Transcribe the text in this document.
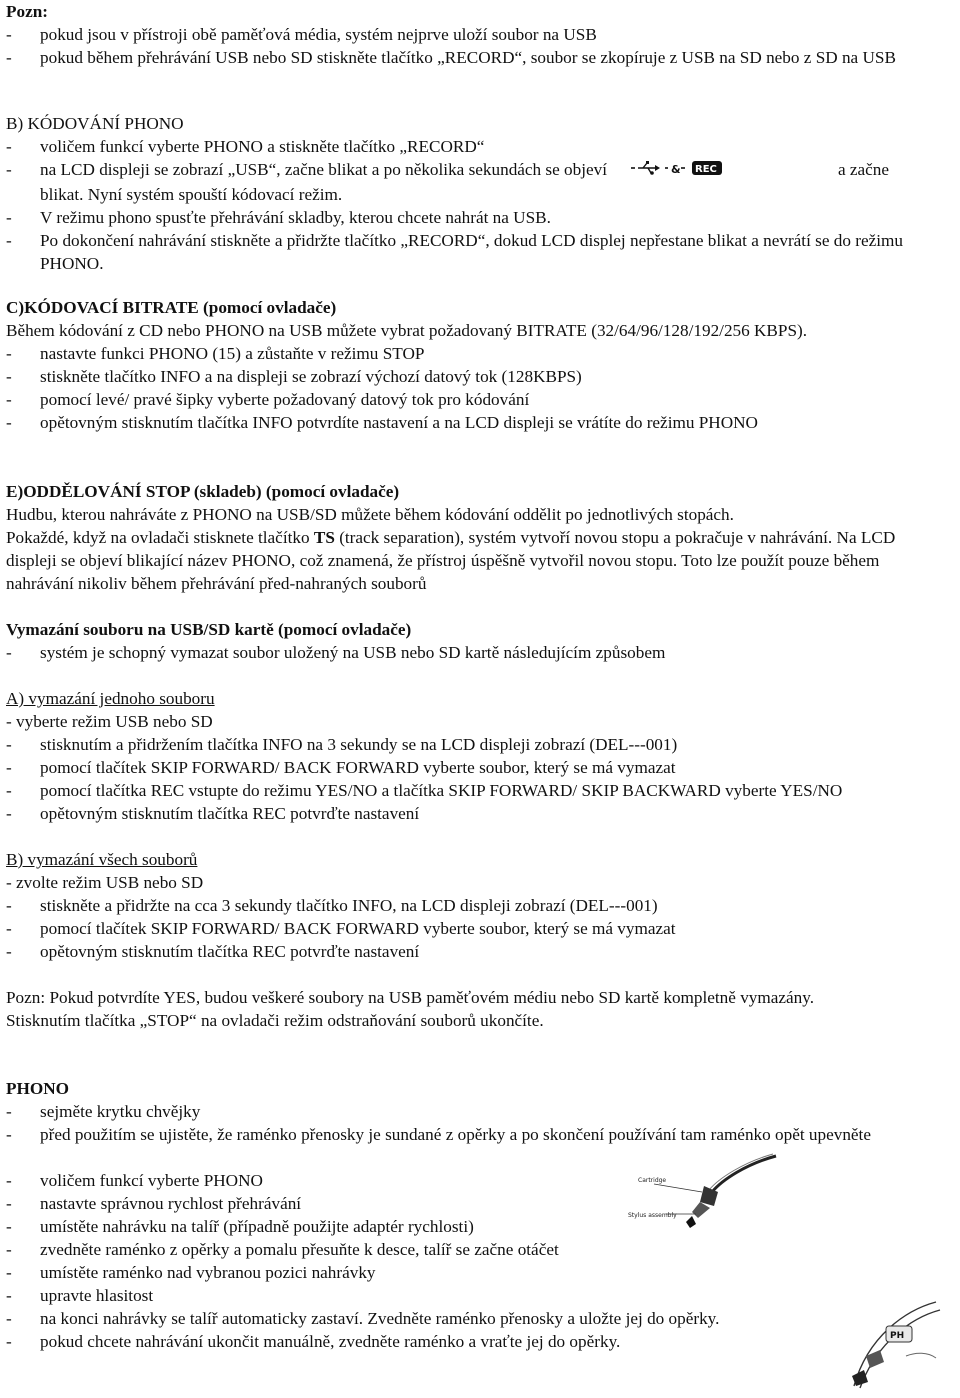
Pozn:
- pokud jsou v přístroji obě paměťová média, systém nejprve uloží soubor na USB
- pokud během přehrávání USB nebo SD stiskněte tlačítko „RECORD“, soubor se zkopíruje z USB na SD nebo z SD na USB
B) KÓDOVÁNÍ PHONO
- voličem funkcí vyberte PHONO a stiskněte tlačítko „RECORD“
- na LCD displeji se zobrazí „USB“, začne blikat a po několika sekundách se objeví	& REC	a začne
blikat. Nyní systém spouští kódovací režim.
- V režimu phono spusťte přehrávání skladby, kterou chcete nahrát na USB.
- Po dokončení nahrávání stiskněte a přidržte tlačítko „RECORD“, dokud LCD displej nepřestane blikat a nevrátí se do režimu PHONO.
C)KÓDOVACÍ BITRATE (pomocí ovladače)
Během kódování z CD nebo PHONO na USB můžete vybrat požadovaný BITRATE (32/64/96/128/192/256 KBPS).
- nastavte funkci PHONO (15) a zůstaňte v režimu STOP
- stiskněte tlačítko INFO a na displeji se zobrazí výchozí datový tok (128KBPS)
- pomocí levé/ pravé šipky vyberte požadovaný datový tok pro kódování
- opětovným stisknutím tlačítka INFO potvrdíte nastavení a na LCD displeji se vrátíte do režimu PHONO
E)ODDĚLOVÁNÍ STOP (skladeb) (pomocí ovladače)
Hudbu, kterou nahráváte z PHONO na USB/SD můžete během kódování oddělit po jednotlivých stopách.
Pokaždé, když na ovladači stisknete tlačítko TS (track separation), systém vytvoří novou stopu a pokračuje v nahrávání. Na LCD displeji se objeví blikající název PHONO, což znamená, že přístroj úspěšně vytvořil novou stopu. Toto lze použít pouze během nahrávání nikoliv během přehrávání před-nahraných souborů
Vymazání souboru na USB/SD kartě (pomocí ovladače)
- systém je schopný vymazat soubor uložený na USB nebo SD kartě následujícím způsobem
A) vymazání jednoho souboru
- vyberte režim USB nebo SD
- stisknutím a přidržením tlačítka INFO na 3 sekundy se na LCD displeji zobrazí (DEL---001)
- pomocí tlačítek SKIP FORWARD/ BACK FORWARD vyberte soubor, který se má vymazat
- pomocí tlačítka REC vstupte do režimu YES/NO a tlačítka SKIP FORWARD/ SKIP BACKWARD vyberte YES/NO
- opětovným stisknutím tlačítka REC potvrďte nastavení
B) vymazání všech souborů
- zvolte režim USB nebo SD
- stiskněte a přidržte na cca 3 sekundy tlačítko INFO, na LCD displeji zobrazí (DEL---001)
- pomocí tlačítek SKIP FORWARD/ BACK FORWARD vyberte soubor, který se má vymazat
- opětovným stisknutím tlačítka REC potvrďte nastavení
Pozn: Pokud potvrdíte YES, budou veškeré soubory na USB paměťovém médiu nebo SD kartě kompletně vymazány. Stisknutím tlačítka „STOP“ na ovladači režim odstraňování souborů ukončíte.
PHONO
- sejměte krytku chvějky
- před použitím se ujistěte, že raménko přenosky je sundané z opěrky a po skončení používání tam raménko opět upevněte
- voličem funkcí vyberte PHONO
- nastavte správnou rychlost přehrávání
- umístěte nahrávku na talíř (případně použijte adaptér rychlosti)
- zvedněte raménko z opěrky a pomalu přesuňte k desce, talíř se začne otáčet
- umístěte raménko nad vybranou pozici nahrávky
- upravte hlasitost
- na konci nahrávky se talíř automaticky zastaví. Zvedněte raménko přenosky a uložte jej do opěrky.
- pokud chcete nahrávání ukončit manuálně, zvedněte raménko a vraťte jej do opěrky.
Cartridge
Stylus assembly
PH
